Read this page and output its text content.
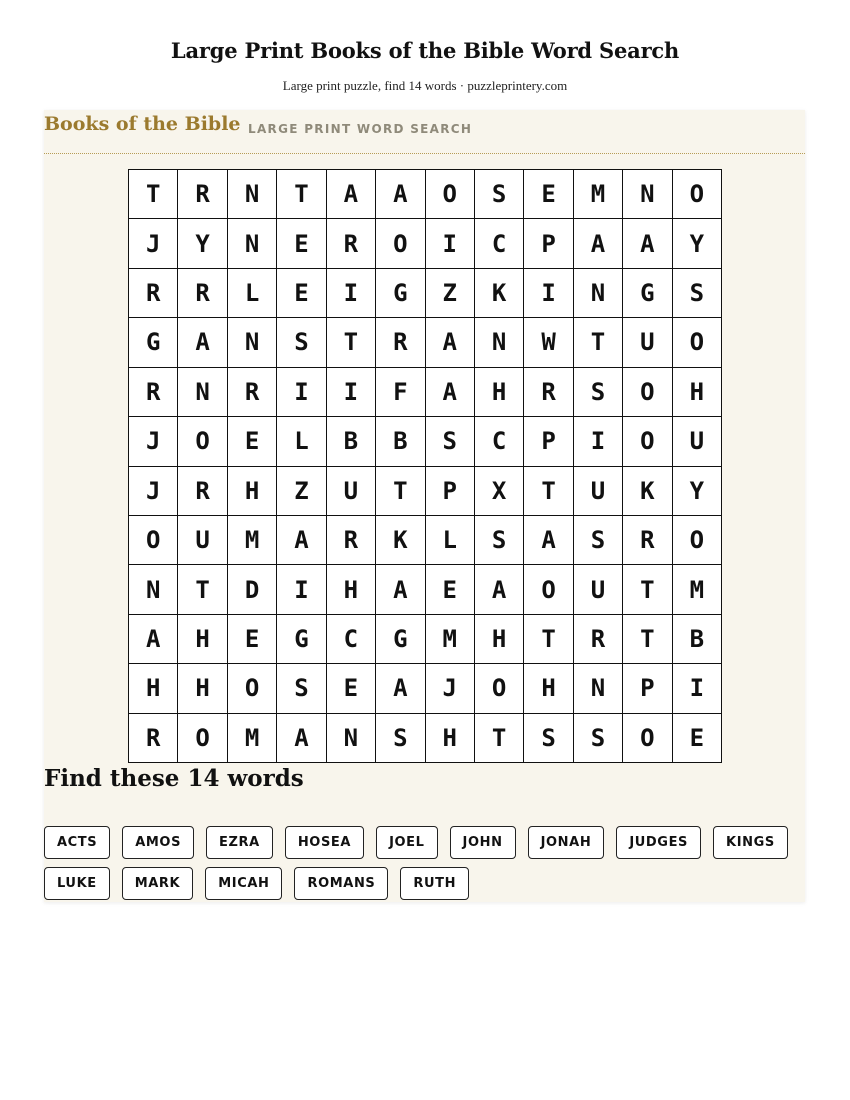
Large Print Books of the Bible Word Search

Large print puzzle, find 14 words · puzzleprintery.com

Books of the Bible LARGE PRINT WORD SEARCH
T	R	N	T	A	A	O	S	E	M	N	O
J	Y	N	E	R	O	I	C	P	A	A	Y
R	R	L	E	I	G	Z	K	I	N	G	S
G	A	N	S	T	R	A	N	W	T	U	O
R	N	R	I	I	F	A	H	R	S	O	H
J	O	E	L	B	B	S	C	P	I	O	U
J	R	H	Z	U	T	P	X	T	U	K	Y
O	U	M	A	R	K	L	S	A	S	R	O
N	T	D	I	H	A	E	A	O	U	T	M
A	H	E	G	C	G	M	H	T	R	T	B
H	H	O	S	E	A	J	O	H	N	P	I
R	O	M	A	N	S	H	T	S	S	O	E
Find these 14 words
ACTS	AMOS	EZRA	HOSEA	JOEL	JOHN	JONAH	JUDGES	KINGS
LUKE	MARK	MICAH	ROMANS	RUTH
